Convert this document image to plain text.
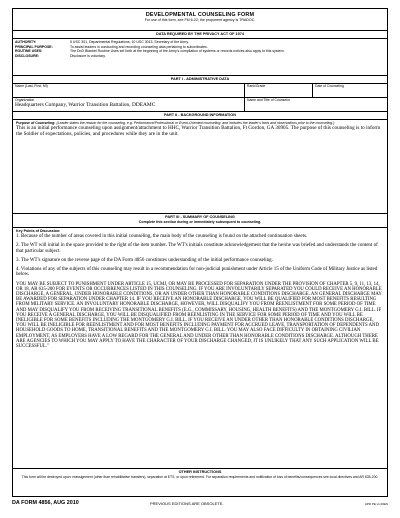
DEVELOPMENTAL COUNSELING FORM
For use of this form, see FM 6-22; the proponent agency is TRADOC.
DATA REQUIRED BY THE PRIVACY ACT OF 1974
AUTHORITY:	5 USC 301, Departmental Regulations; 10 USC 3013, Secretary of the Army.
PRINCIPAL PURPOSE:	To assist leaders in conducting and recording counseling data pertaining to subordinates.
ROUTINE USES:	The DoD Blanket Routine Uses set forth at the beginning of the Army's compilation of systems or records notices also apply to this system.
DISCLOSURE:	Disclosure is voluntary.
PART I - ADMINISTRATIVE DATA
Name (Last, First, MI)	Rank/Grade	Date of Counseling
Organization
Headquarters Company, Warrior Transition Battalion, DDEAMC
Name and Title of Counselor
PART II - BACKGROUND INFORMATION
Purpose of Counseling: (Leader states the reason for the counseling, e.g. Performance/Professional or Event-Oriented counseling, and includes the leader's facts and observations prior to the counseling.)
This is an initial performance counseling upon assignment/attachment to HHC, Warrior Transition Battalion, Ft Gordon, GA 30905. The purpose of this counseling is to inform the Soldier of expectations, policies, and procedures while they are in the unit.
PART III - SUMMARY OF COUNSELING
Complete this section during or immediately subsequent to counseling.
Key Points of Discussion:
1. Because of the number of areas covered in this initial counseling, the main body of the counseling is found on the attached continuation sheets.
2. The WT will initial in the space provided to the right of the item number. The WT's initials constitute acknowledgement that the he/she was briefed and understands the content of that particular subject.
3. The WT's signature on the reverse page of the DA Form 4856 constitutes understanding of the initial performance counseling.
4. Violations of any of the subjects of this counseling may result in a recommendation for non-judicial punishment under Article 15 of the Uniform Code of Military Justice as listed below.
YOU MAY BE SUBJECT TO PUNISHMENT UNDER ARTICLE 15, UCMJ, OR MAY BE PROCESSED FOR SEPARATION UNDER THE PROVISION OF CHAPTER 5, 9, 11, 13, 14, OR 18, AR 635-200 FOR EVENTS OR OCCURRENCES LISTED IN THIS COUNSELING. IF YOU ARE INVOLUNTARILY SEPARATED YOU COULD RECEIVE AN HONORABLE DISCHARGE, A GENERAL, UNDER HONORABLE CONDITIONS, OR AN UNDER OTHER THAN HONORABLE CONDITIONS DISCHARGE. AN GENERAL DISCHARGE MAY BE AWARDED FOR SEPARATION UNDER CHAPTER 14. IF YOU RECEIVE AN HONORABLE DISCHARGE, YOU WILL BE QUALIFIED FOR MOST BENEFITS RESULTING FROM MILITARY SERVICE. AN INVOLUNTARY HONORABLE DISCHARGE, HOWEVER, WILL DISQUALIFY YOU FROM REENLISTMENT FOR SOME PERIOD OF TIME AND MAY DISQUALIFY YOU FROM RECEIVING TRANSITIONAL BENEFITS (E.G., COMMISSARY, HOUSING, HEALTH BENEFITS) AND THE MONTGOMERY G.I. BILL. IF YOU RECEIVE A GENERAL DISCHARGE, YOU WILL BE DISQUALIFIED FROM REENLISTING IN THE SERVICE FOR SOME PERIOD OF TIME AND YOU WILL BE INELIGIBLE FOR SOME BENEFITS INCLUDING THE MONTGOMERY G.I. BILL. IF YOU RECEIVE AN UNDER OTHER THAN HONORABLE CONDITIONS DISCHARGE, YOU WILL BE INELIGIBLE FOR REENLISTMENT AND FOR MOST BENEFITS INCLUDING PAYMENT FOR ACCRUED LEAVE, TRANSPORTATION OF DEPENDENTS AND HOUSEHOLD GOODS TO HOME, TRANSITIONAL BENEFITS AND THE MONTGOMERY G.I. BILL. YOU MAY ALSO FACE DIFFICULTY IN OBTAINING CIVILIAN EMPLOYMENT, AS EMPLOYERS HAVE A LOW REGARD FOR THE GENERAL AND UNDER OTHER THAN HONORABLE CONDITIONS DISCHARGE. ALTHOUGH THERE ARE AGENCIES TO WHICH YOU MAY APPLY TO HAVE THE CHARACTER OF YOUR DISCHARGE CHANGED, IT IS UNLIKELY THAT ANY SUCH APPLICATION WILL BE SUCCESSFUL."
OTHER INSTRUCTIONS
This form will be destroyed upon: reassignment (other than rehabilitative transfers), separation at ETS, or upon retirement. For separation requirements and notification of loss of benefits/consequences see local directives and AR 635-200.
DA FORM 4856, AUG 2010	PREVIOUS EDITIONS ARE OBSOLETE.	APD PE v1.00ES
